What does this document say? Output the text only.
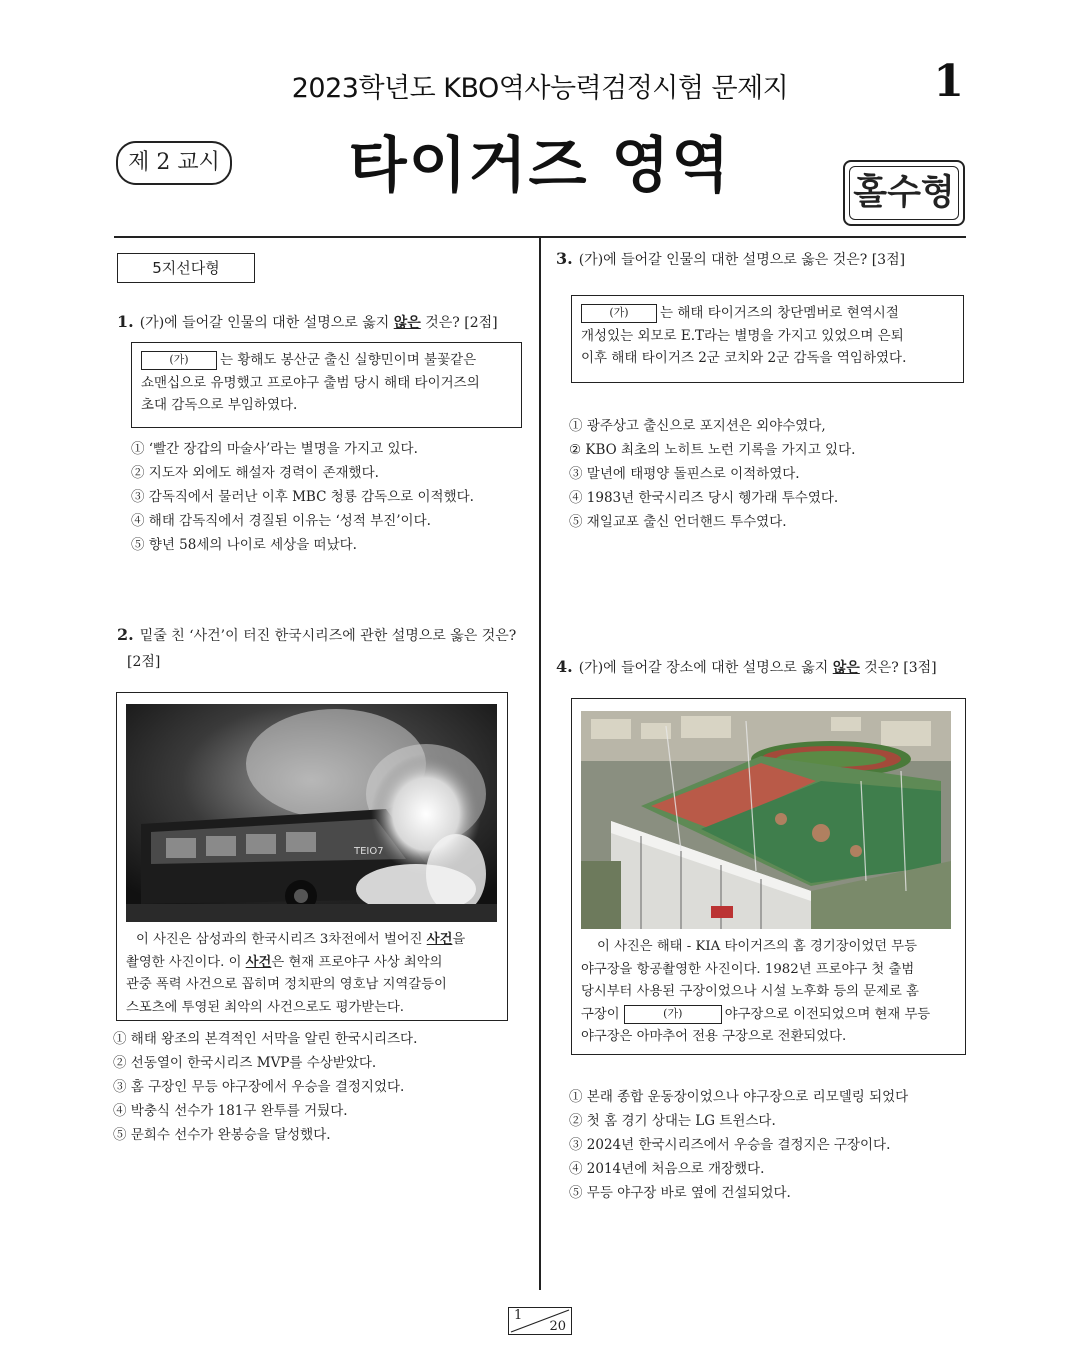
2023학년도 KBO역사능력검정시험 문제지	1
제 2 교시	타이거즈 영역	홀수형
5지선다형
1. (가)에 들어갈 인물의 대한 설명으로 옳지 않은 것은? [2점]
(가) 는 황해도 봉산군 출신 실향민이며 불꽃같은
쇼맨십으로 유명했고 프로야구 출범 당시 해태 타이거즈의
초대 감독으로 부임하였다.
① ‘빨간 장갑의 마술사’라는 별명을 가지고 있다.
② 지도자 외에도 해설자 경력이 존재했다.
③ 감독직에서 물러난 이후 MBC 청룡 감독으로 이적했다.
④ 해태 감독직에서 경질된 이유는 ‘성적 부진’이다.
⑤ 향년 58세의 나이로 세상을 떠났다.
2. 밑줄 친 ‘사건’이 터진 한국시리즈에 관한 설명으로 옳은 것은?
[2점]
TEIO7
이 사진은 삼성과의 한국시리즈 3차전에서 벌어진 사건을
촬영한 사진이다. 이 사건은 현재 프로야구 사상 최악의
관중 폭력 사건으로 꼽히며 정치판의 영호남 지역갈등이
스포츠에 투영된 최악의 사건으로도 평가받는다.
① 해태 왕조의 본격적인 서막을 알린 한국시리즈다.
② 선동열이 한국시리즈 MVP를 수상받았다.
③ 홈 구장인 무등 야구장에서 우승을 결정지었다.
④ 박충식 선수가 181구 완투를 거뒀다.
⑤ 문희수 선수가 완봉승을 달성했다.
3. (가)에 들어갈 인물의 대한 설명으로 옳은 것은? [3점]
(가) 는 해태 타이거즈의 창단멤버로 현역시절
개성있는 외모로 E.T라는 별명을 가지고 있었으며 은퇴
이후 해태 타이거즈 2군 코치와 2군 감독을 역임하였다.
① 광주상고 출신으로 포지션은 외야수였다,
② KBO 최초의 노히트 노런 기록을 가지고 있다.
③ 말년에 태평양 돌핀스로 이적하였다.
④ 1983년 한국시리즈 당시 헹가래 투수였다.
⑤ 재일교포 출신 언더핸드 투수였다.
4. (가)에 들어갈 장소에 대한 설명으로 옳지 않은 것은? [3점]
이 사진은 해태 - KIA 타이거즈의 홈 경기장이었던 무등
야구장을 항공촬영한 사진이다. 1982년 프로야구 첫 출범
당시부터 사용된 구장이었으나 시설 노후화 등의 문제로 홈
구장이	(가)	야구장으로 이전되었으며 현재 무등
야구장은 아마추어 전용 구장으로 전환되었다.
① 본래 종합 운동장이었으나 야구장으로 리모델링 되었다
② 첫 홈 경기 상대는 LG 트윈스다.
③ 2024년 한국시리즈에서 우승을 결정지은 구장이다.
④ 2014년에 처음으로 개장했다.
⑤ 무등 야구장 바로 옆에 건설되었다.
1
20
